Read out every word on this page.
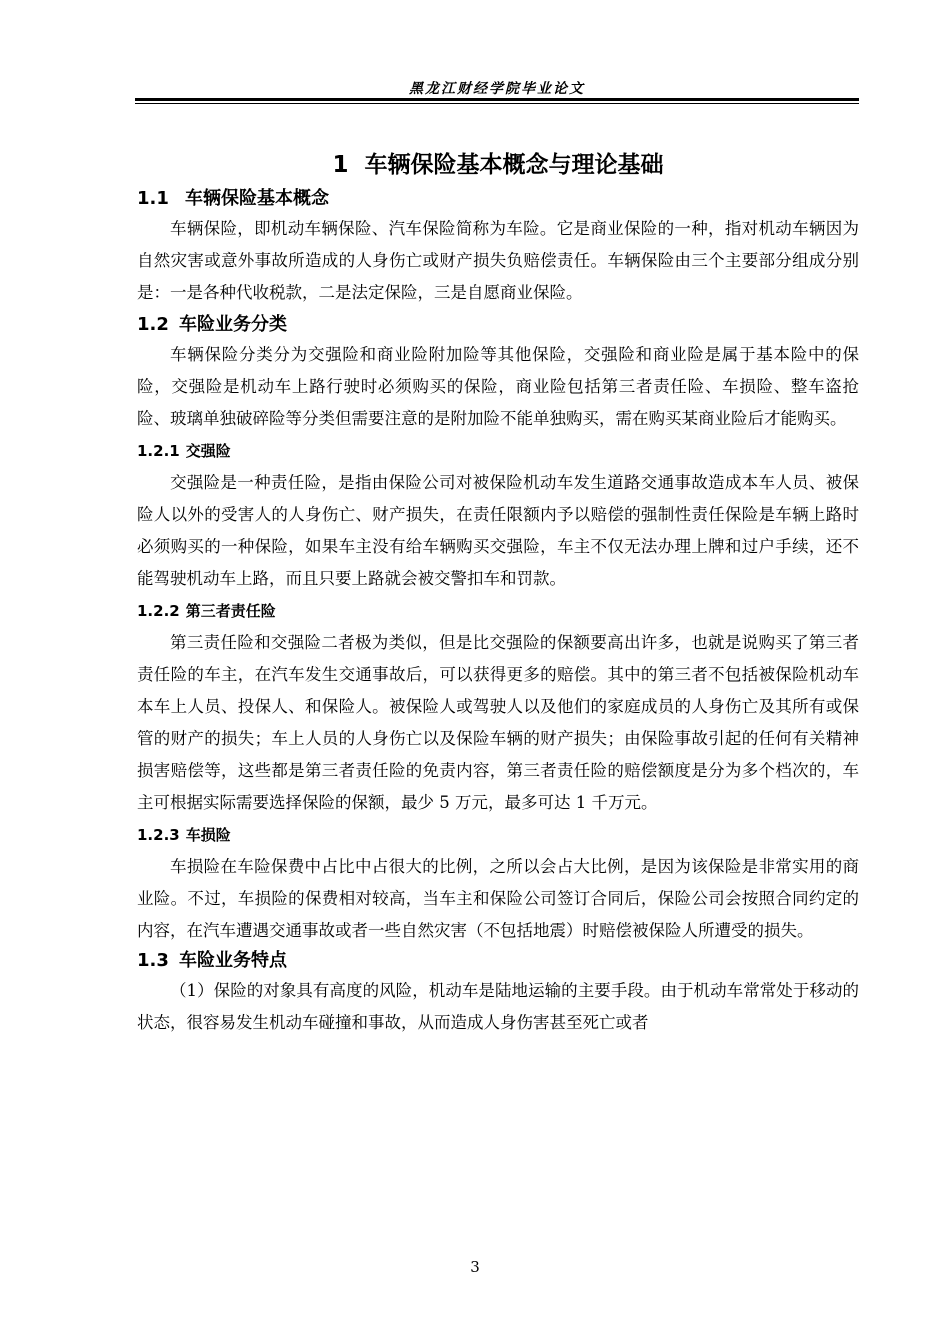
黑龙江财经学院毕业论文
1 车辆保险基本概念与理论基础
1.1 车辆保险基本概念

车辆保险，即机动车辆保险、汽车保险简称为车险。它是商业保险的一种，指对机动车辆因为自然灾害或意外事故所造成的人身伤亡或财产损失负赔偿责任。车辆保险由三个主要部分组成分别是：一是各种代收税款，二是法定保险，三是自愿商业保险。

1.2 车险业务分类

车辆保险分类分为交强险和商业险附加险等其他保险，交强险和商业险是属于基本险中的保险，交强险是机动车上路行驶时必须购买的保险，商业险包括第三者责任险、车损险、整车盗抢险、玻璃单独破碎险等分类但需要注意的是附加险不能单独购买，需在购买某商业险后才能购买。

1.2.1 交强险

交强险是一种责任险，是指由保险公司对被保险机动车发生道路交通事故造成本车人员、被保险人以外的受害人的人身伤亡、财产损失，在责任限额内予以赔偿的强制性责任保险是车辆上路时必须购买的一种保险，如果车主没有给车辆购买交强险，车主不仅无法办理上牌和过户手续，还不能驾驶机动车上路，而且只要上路就会被交警扣车和罚款。

1.2.2 第三者责任险

第三责任险和交强险二者极为类似，但是比交强险的保额要高出许多，也就是说购买了第三者责任险的车主，在汽车发生交通事故后，可以获得更多的赔偿。其中的第三者不包括被保险机动车本车上人员、投保人、和保险人。被保险人或驾驶人以及他们的家庭成员的人身伤亡及其所有或保管的财产的损失；车上人员的人身伤亡以及保险车辆的财产损失；由保险事故引起的任何有关精神损害赔偿等，这些都是第三者责任险的免责内容，第三者责任险的赔偿额度是分为多个档次的，车主可根据实际需要选择保险的保额，最少 5 万元，最多可达 1 千万元。

1.2.3 车损险

车损险在车险保费中占比中占很大的比例，之所以会占大比例，是因为该保险是非常实用的商业险。不过，车损险的保费相对较高，当车主和保险公司签订合同后，保险公司会按照合同约定的内容，在汽车遭遇交通事故或者一些自然灾害（不包括地震）时赔偿被保险人所遭受的损失。

1.3 车险业务特点

（1）保险的对象具有高度的风险，机动车是陆地运输的主要手段。由于机动车常常处于移动的状态，很容易发生机动车碰撞和事故，从而造成人身伤害甚至死亡或者

3
